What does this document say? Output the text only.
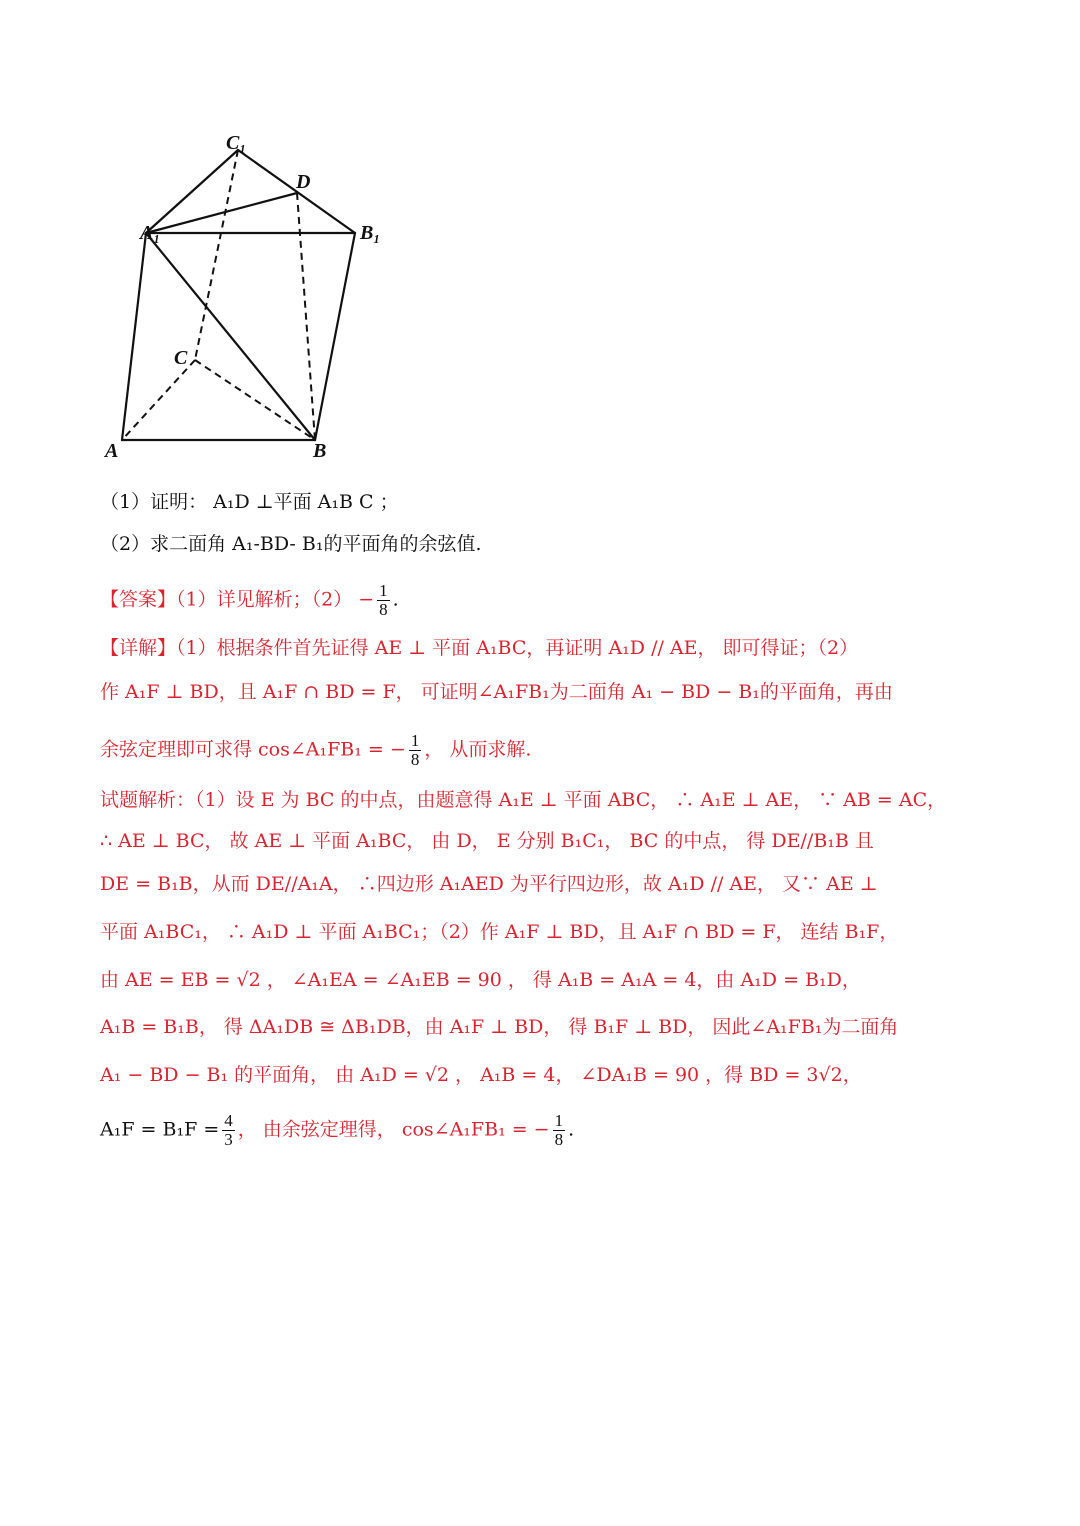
C₁
D
A₁	B₁
C
A	B
（1）证明： A₁D ⊥平面 A₁B C ；
（2）求二面角 A₁-BD- B₁的平面角的余弦值.
【答案】（1）详见解析；$(2) - \frac{1}{8}$ .
【详解】（1）根据条件首先证得 AE ⊥ 平面 A₁BC，再证明 A₁D // AE， 即可得证；（2）
作 A₁F ⊥ BD，且 A₁F ∩ BD = F， 可证明∠A₁FB₁为二面角 A₁ − BD − B₁的平面角，再由
余弦定理即可求得 cos∠A₁FB₁ = − $\frac{1}{8}$ ， 从而求解.
试题解析：（1）设 E 为 BC 的中点，由题意得 A₁E ⊥ 平面 ABC， ∴ A₁E ⊥ AE， ∵ AB = AC，
∴ AE ⊥ BC， 故 AE ⊥ 平面 A₁BC， 由 D， E 分别 B₁C₁， BC 的中点， 得 DE//B₁B 且
DE = B₁B，从而 DE//A₁A， ∴四边形 A₁AED 为平行四边形，故 A₁D // AE， 又∵ AE ⊥
平面 A₁BC₁， ∴ A₁D ⊥ 平面 A₁BC₁；（2）作 A₁F ⊥ BD，且 A₁F ∩ BD = F， 连结 B₁F，
由 AE = EB = √2 ， ∠A₁EA = ∠A₁EB = 90 ， 得 A₁B = A₁A = 4，由 A₁D = B₁D，
A₁B = B₁B， 得 ΔA₁DB ≅ ΔB₁DB，由 A₁F ⊥ BD， 得 B₁F ⊥ BD， 因此∠A₁FB₁为二面角
A₁ − BD − B₁ 的平面角， 由 A₁D = √2 ， A₁B = 4， ∠DA₁B = 90 ，得 BD = 3√2，
$A_1F = B_1F = \frac{4}{3}$ ， 由余弦定理得， cos∠A₁FB₁ = − $\frac{1}{8}$ .
